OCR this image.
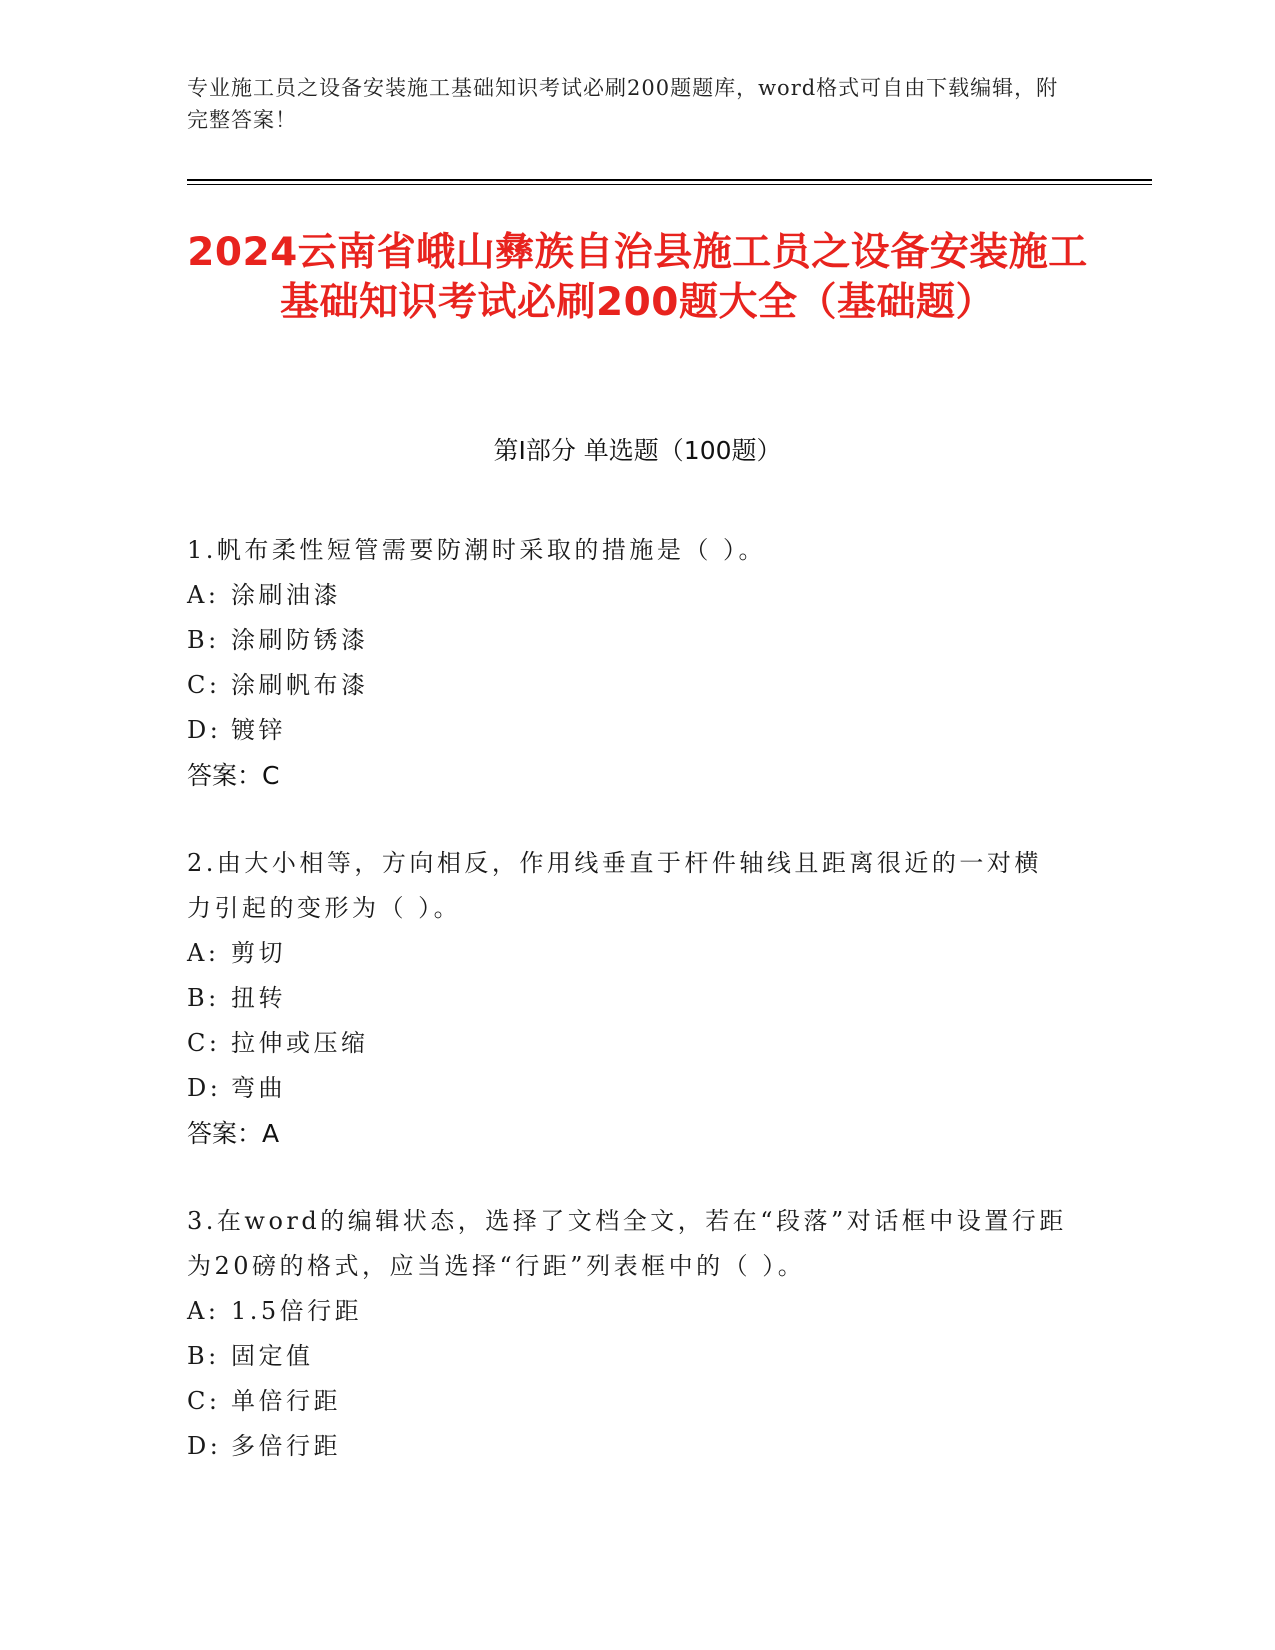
专业施工员之设备安装施工基础知识考试必刷200题题库，word格式可自由下载编辑，附完整答案！
2024云南省峨山彝族自治县施工员之设备安装施工基础知识考试必刷200题大全（基础题）
第Ⅰ部分 单选题（100题）
1.帆布柔性短管需要防潮时采取的措施是（ ）。
A: 涂刷油漆
B: 涂刷防锈漆
C: 涂刷帆布漆
D: 镀锌
答案：C
2.由大小相等，方向相反，作用线垂直于杆件轴线且距离很近的一对横力引起的变形为（ ）。
A: 剪切
B: 扭转
C: 拉伸或压缩
D: 弯曲
答案：A
3.在word的编辑状态，选择了文档全文，若在“段落”对话框中设置行距为20磅的格式，应当选择“行距”列表框中的（ ）。
A: 1.5倍行距
B: 固定值
C: 单倍行距
D: 多倍行距
